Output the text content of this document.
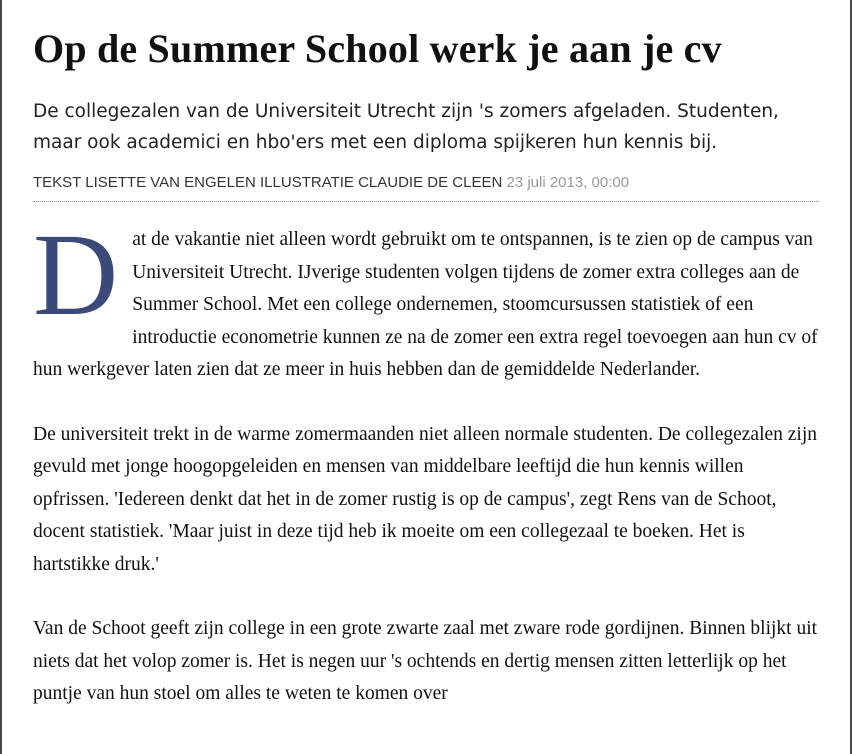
Op de Summer School werk je aan je cv

De collegezalen van de Universiteit Utrecht zijn 's zomers afgeladen. Studenten, maar ook academici en hbo'ers met een diploma spijkeren hun kennis bij.

TEKST LISETTE VAN ENGELEN ILLUSTRATIE CLAUDIE DE CLEEN 23 juli 2013, 00:00

D at de vakantie niet alleen wordt gebruikt om te ontspannen, is te zien op de campus van Universiteit Utrecht. IJverige studenten volgen tijdens de zomer extra colleges aan de Summer School. Met een college ondernemen, stoomcursussen statistiek of een introductie econometrie kunnen ze na de zomer een extra regel toevoegen aan hun cv of hun werkgever laten zien dat ze meer in huis hebben dan de gemiddelde Nederlander.

De universiteit trekt in de warme zomermaanden niet alleen normale studenten. De collegezalen zijn gevuld met jonge hoogopgeleiden en mensen van middelbare leeftijd die hun kennis willen opfrissen. 'Iedereen denkt dat het in de zomer rustig is op de campus', zegt Rens van de Schoot, docent statistiek. 'Maar juist in deze tijd heb ik moeite om een collegezaal te boeken. Het is hartstikke druk.'

Van de Schoot geeft zijn college in een grote zwarte zaal met zware rode gordijnen. Binnen blijkt uit niets dat het volop zomer is. Het is negen uur 's ochtends en dertig mensen zitten letterlijk op het puntje van hun stoel om alles te weten te komen over
